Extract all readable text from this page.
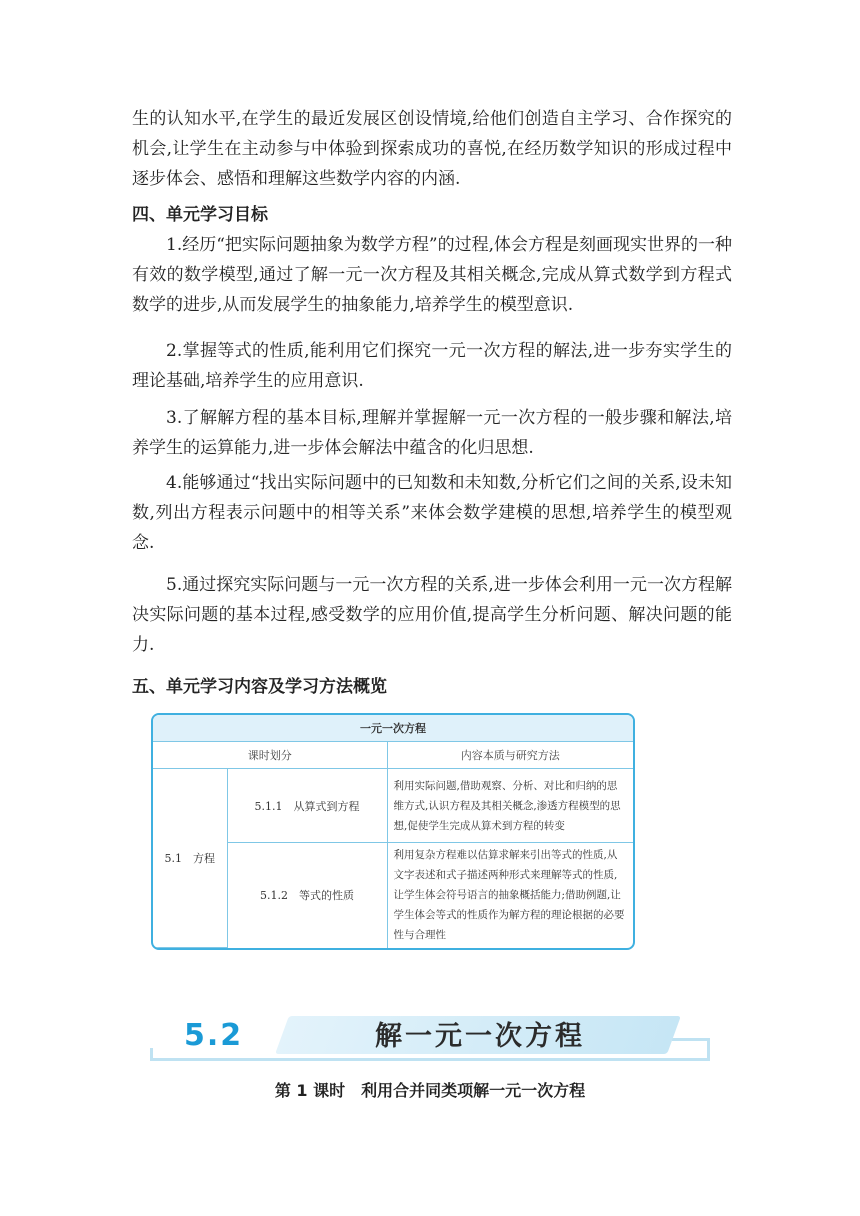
生的认知水平,在学生的最近发展区创设情境,给他们创造自主学习、合作探究的机会,让学生在主动参与中体验到探索成功的喜悦,在经历数学知识的形成过程中逐步体会、感悟和理解这些数学内容的内涵.

四、单元学习目标

1.经历“把实际问题抽象为数学方程”的过程,体会方程是刻画现实世界的一种有效的数学模型,通过了解一元一次方程及其相关概念,完成从算式数学到方程式数学的进步,从而发展学生的抽象能力,培养学生的模型意识.

2.掌握等式的性质,能利用它们探究一元一次方程的解法,进一步夯实学生的理论基础,培养学生的应用意识.

3.了解解方程的基本目标,理解并掌握解一元一次方程的一般步骤和解法,培养学生的运算能力,进一步体会解法中蕴含的化归思想.

4.能够通过“找出实际问题中的已知数和未知数,分析它们之间的关系,设未知数,列出方程表示问题中的相等关系”来体会数学建模的思想,培养学生的模型观念.

5.通过探究实际问题与一元一次方程的关系,进一步体会利用一元一次方程解决实际问题的基本过程,感受数学的应用价值,提高学生分析问题、解决问题的能力.

五、单元学习内容及学习方法概览

一元一次方程		
课时划分		内容本质与研究方法
5.1　方程	5.1.1　从算式到方程	利用实际问题,借助观察、分析、对比和归纳的思维方式,认识方程及其相关概念,渗透方程模型的思想,促使学生完成从算术到方程的转变
	5.1.2　等式的性质	利用复杂方程难以估算求解来引出等式的性质,从文字表述和式子描述两种形式来理解等式的性质,让学生体会符号语言的抽象概括能力;借助例题,让学生体会等式的性质作为解方程的理论根据的必要性与合理性
5.2	解一元一次方程
第 1 课时　利用合并同类项解一元一次方程
